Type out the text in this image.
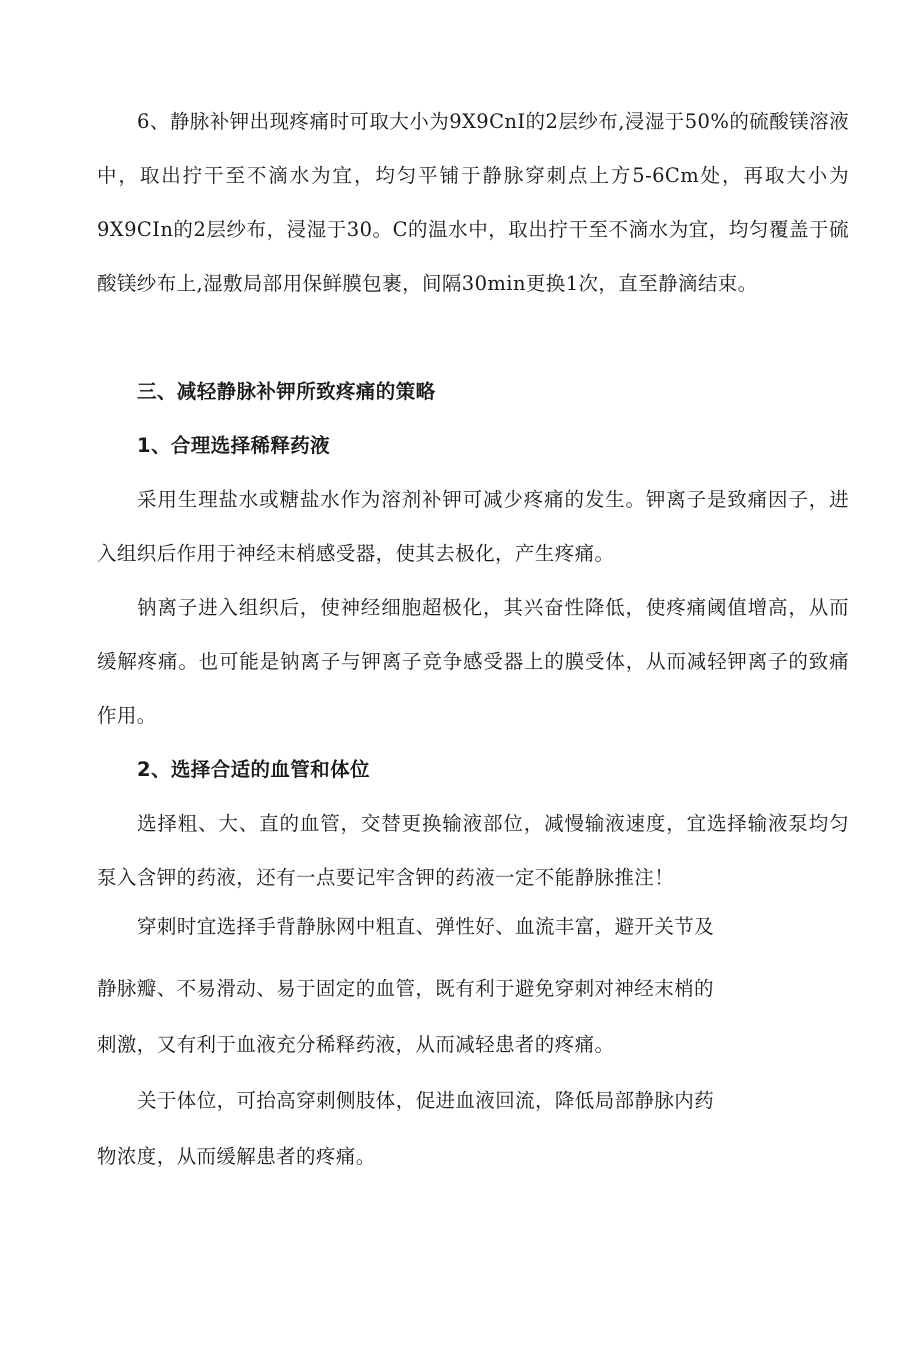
6、静脉补钾出现疼痛时可取大小为9X9CnI的2层纱布,浸湿于50%的硫酸镁溶液中，取出拧干至不滴水为宜，均匀平铺于静脉穿刺点上方5-6Cm处，再取大小为9X9CIn的2层纱布，浸湿于30。C的温水中，取出拧干至不滴水为宜，均匀覆盖于硫酸镁纱布上,湿敷局部用保鲜膜包裹，间隔30min更换1次，直至静滴结束。

三、减轻静脉补钾所致疼痛的策略

1、合理选择稀释药液

采用生理盐水或糖盐水作为溶剂补钾可减少疼痛的发生。钾离子是致痛因子，进入组织后作用于神经末梢感受器，使其去极化，产生疼痛。

钠离子进入组织后，使神经细胞超极化，其兴奋性降低，使疼痛阈值增高，从而缓解疼痛。也可能是钠离子与钾离子竞争感受器上的膜受体，从而减轻钾离子的致痛作用。

2、选择合适的血管和体位

选择粗、大、直的血管，交替更换输液部位，减慢输液速度，宜选择输液泵均匀泵入含钾的药液，还有一点要记牢含钾的药液一定不能静脉推注！

穿刺时宜选择手背静脉网中粗直、弹性好、血流丰富，避开关节及

静脉瓣、不易滑动、易于固定的血管，既有利于避免穿刺对神经末梢的

刺激，又有利于血液充分稀释药液，从而减轻患者的疼痛。

关于体位，可抬高穿刺侧肢体，促进血液回流，降低局部静脉内药

物浓度，从而缓解患者的疼痛。
